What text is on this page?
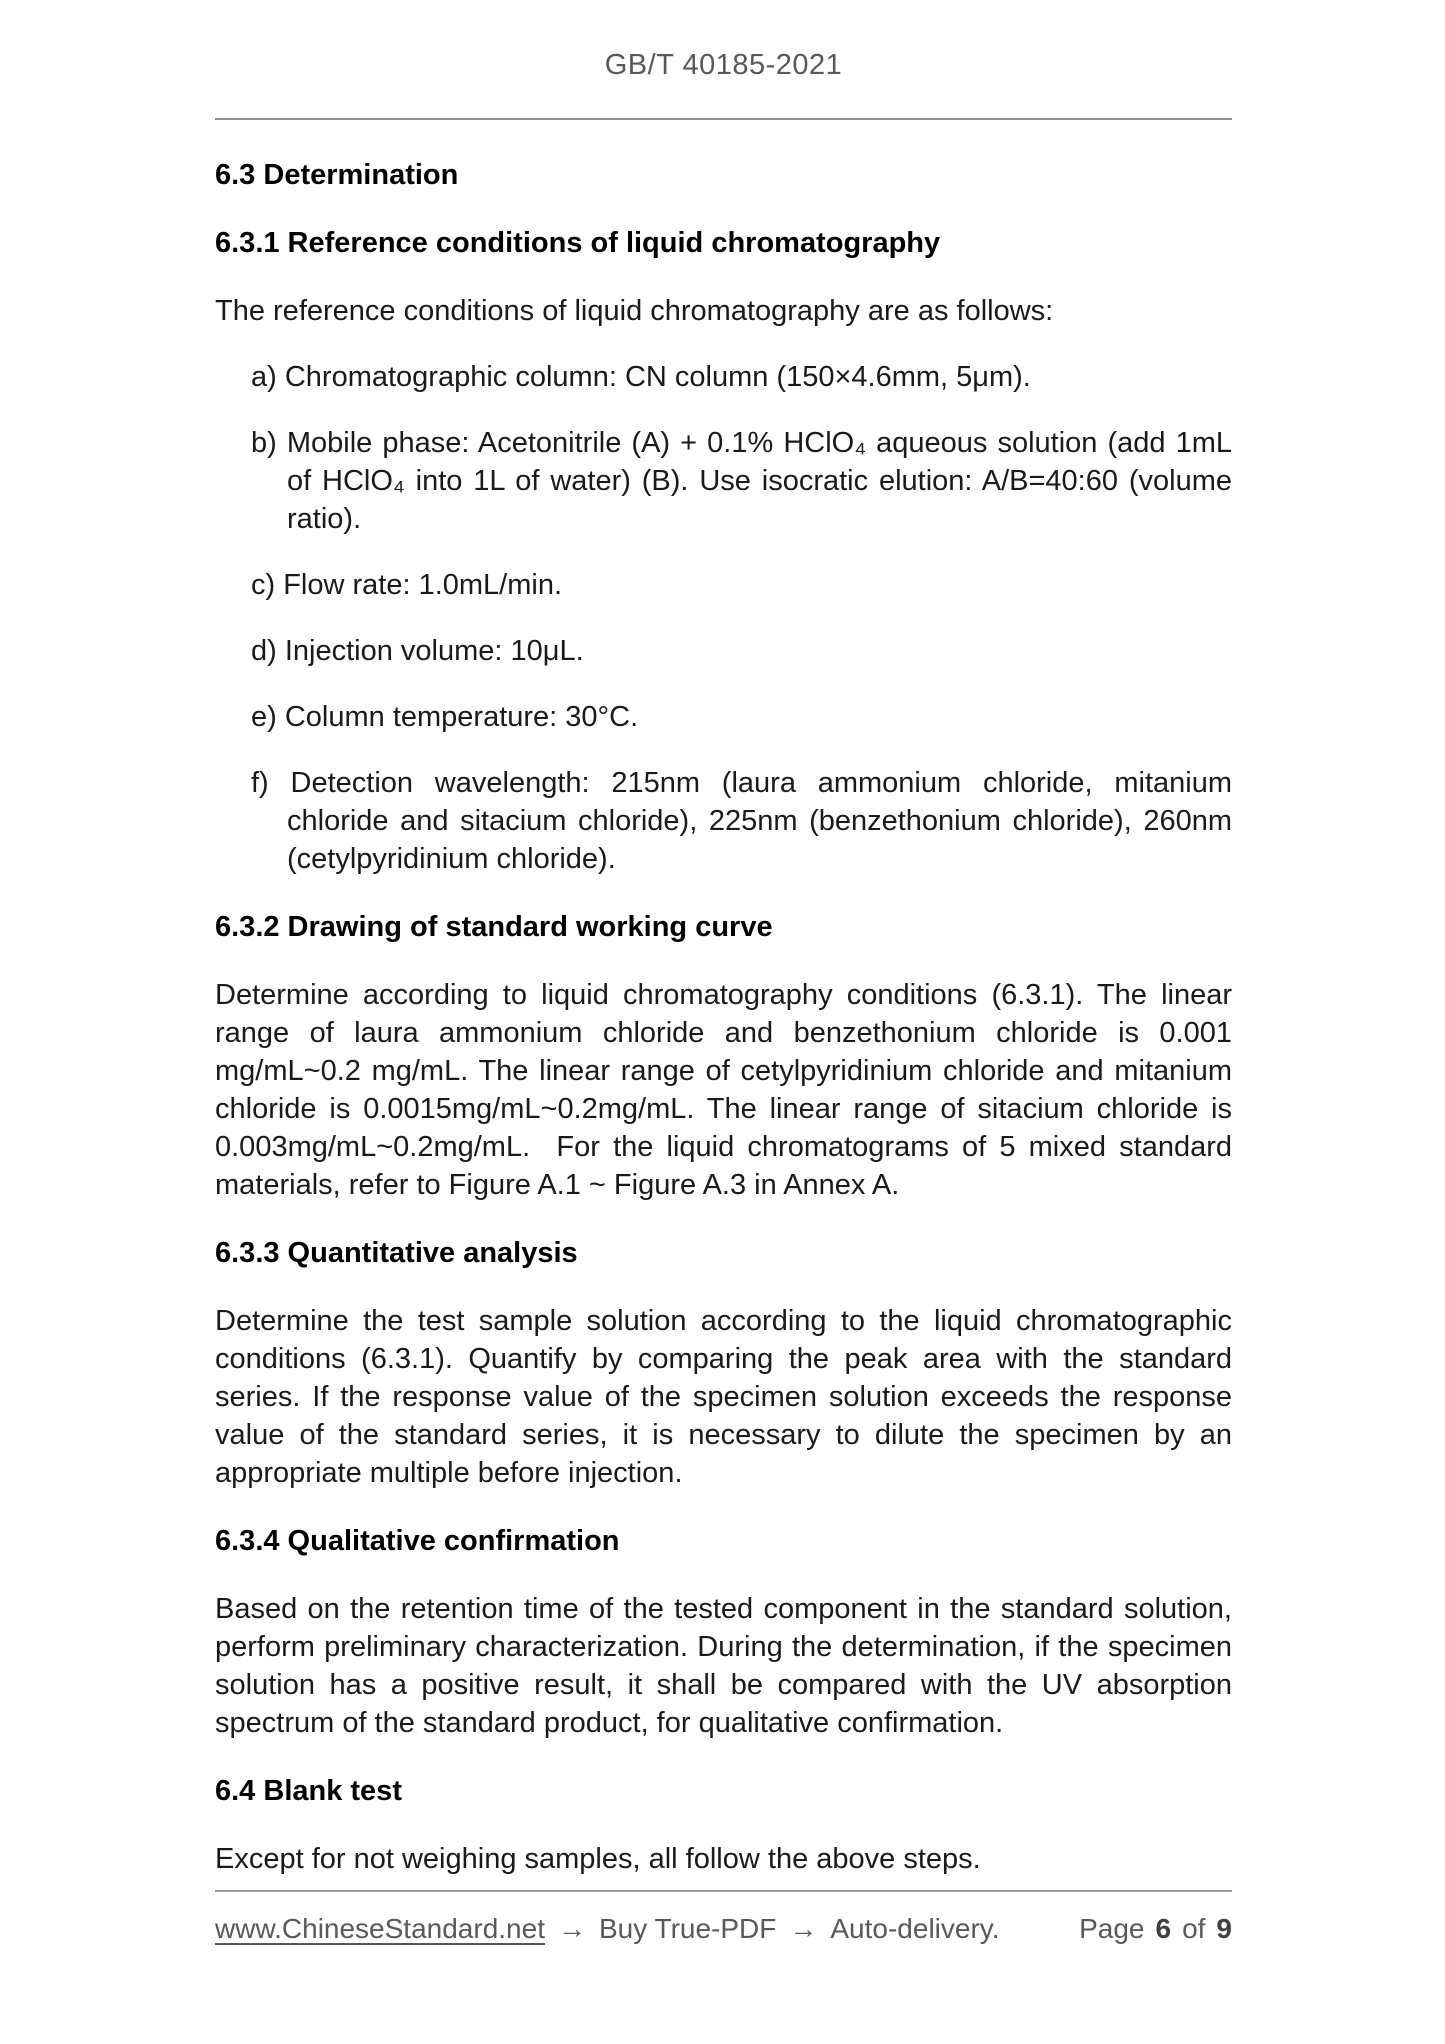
GB/T 40185-2021
6.3 Determination
6.3.1 Reference conditions of liquid chromatography

The reference conditions of liquid chromatography are as follows:

a) Chromatographic column: CN column (150×4.6mm, 5μm).

b) Mobile phase: Acetonitrile (A) + 0.1% HClO₄ aqueous solution (add 1mL of HClO₄ into 1L of water) (B). Use isocratic elution: A/B=40:60 (volume ratio).

c) Flow rate: 1.0mL/min.

d) Injection volume: 10μL.

e) Column temperature: 30°C.

f) Detection wavelength: 215nm (laura ammonium chloride, mitanium chloride and sitacium chloride), 225nm (benzethonium chloride), 260nm (cetylpyridinium chloride).

6.3.2 Drawing of standard working curve

Determine according to liquid chromatography conditions (6.3.1). The linear range of laura ammonium chloride and benzethonium chloride is 0.001 mg/mL~0.2 mg/mL. The linear range of cetylpyridinium chloride and mitanium chloride is 0.0015mg/mL~0.2mg/mL. The linear range of sitacium chloride is 0.003mg/mL~0.2mg/mL.  For the liquid chromatograms of 5 mixed standard materials, refer to Figure A.1 ~ Figure A.3 in Annex A.

6.3.3 Quantitative analysis

Determine the test sample solution according to the liquid chromatographic conditions (6.3.1). Quantify by comparing the peak area with the standard series. If the response value of the specimen solution exceeds the response value of the standard series, it is necessary to dilute the specimen by an appropriate multiple before injection.

6.3.4 Qualitative confirmation

Based on the retention time of the tested component in the standard solution, perform preliminary characterization. During the determination, if the specimen solution has a positive result, it shall be compared with the UV absorption spectrum of the standard product, for qualitative confirmation.

6.4 Blank test

Except for not weighing samples, all follow the above steps.

www.ChineseStandard.net → Buy True-PDF → Auto-delivery.	Page 6 of 9
